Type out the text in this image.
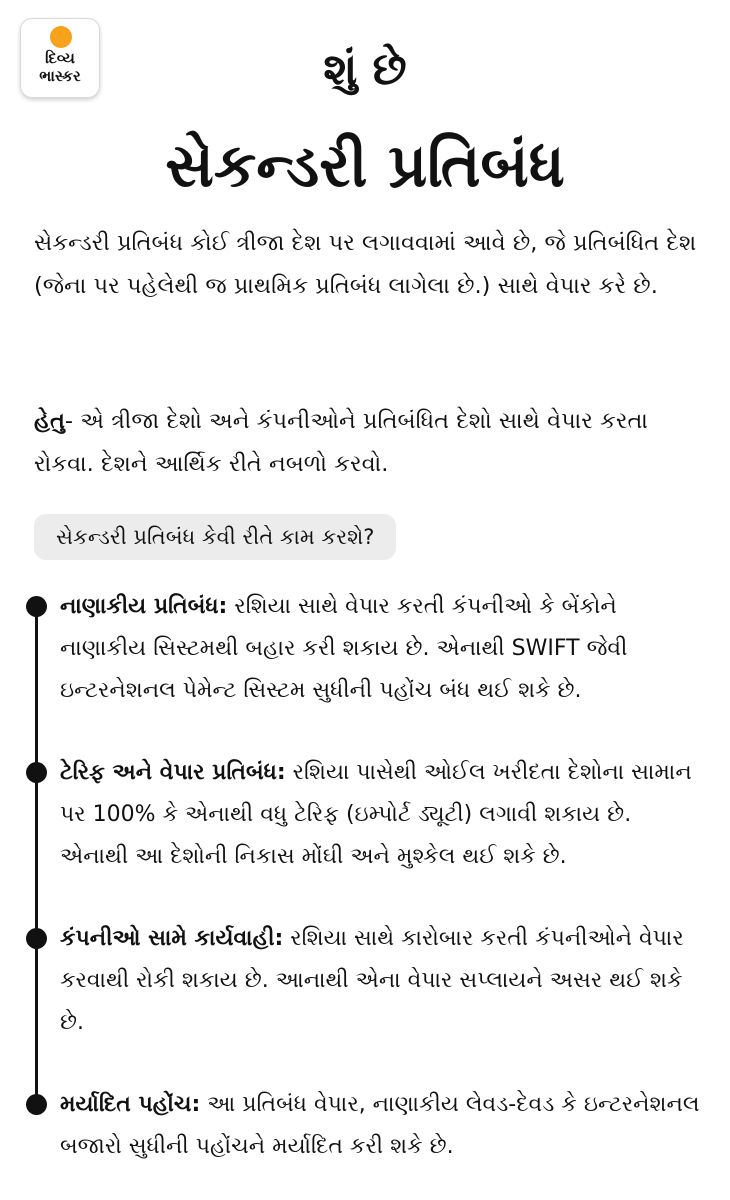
દિવ્ય
ભાસ્કર	શું છે
સેકન્ડરી પ્રતિબંધ

સેકન્ડરી પ્રતિબંધ કોઈ ત્રીજા દેશ પર લગાવવામાં આવે છે, જે પ્રતિબંધિત દેશ (જેના પર પહેલેથી જ પ્રાથમિક પ્રતિબંધ લાગેલા છે.) સાથે વેપાર કરે છે.

હેતુ- એ ત્રીજા દેશો અને કંપનીઓને પ્રતિબંધિત દેશો સાથે વેપાર કરતા રોકવા. દેશને આર્થિક રીતે નબળો કરવો.

સેકન્ડરી પ્રતિબંધ કેવી રીતે કામ કરશે?

નાણાકીય પ્રતિબંધ: રશિયા સાથે વેપાર કરતી કંપનીઓ કે બેંકોને નાણાકીય સિસ્ટમથી બહાર કરી શકાય છે. એનાથી SWIFT જેવી ઇન્ટરનેશનલ પેમેન્ટ સિસ્ટમ સુધીની પહોંચ બંધ થઈ શકે છે.

ટેરિફ અને વેપાર પ્રતિબંધ: રશિયા પાસેથી ઓઈલ ખરીદતા દેશોના સામાન પર 100% કે એનાથી વધુ ટેરિફ (ઇમ્પોર્ટ ડ્યૂટી) લગાવી શકાય છે. એનાથી આ દેશોની નિકાસ મોંઘી અને મુશ્કેલ થઈ શકે છે.

કંપનીઓ સામે કાર્યવાહી: રશિયા સાથે કારોબાર કરતી કંપનીઓને વેપાર કરવાથી રોકી શકાય છે. આનાથી એના વેપાર સપ્લાયને અસર થઈ શકે છે.

મર્યાદિત પહોંચ: આ પ્રતિબંધ વેપાર, નાણાકીય લેવડ-દેવડ કે ઇન્ટરનેશનલ બજારો સુધીની પહોંચને મર્યાદિત કરી શકે છે.
